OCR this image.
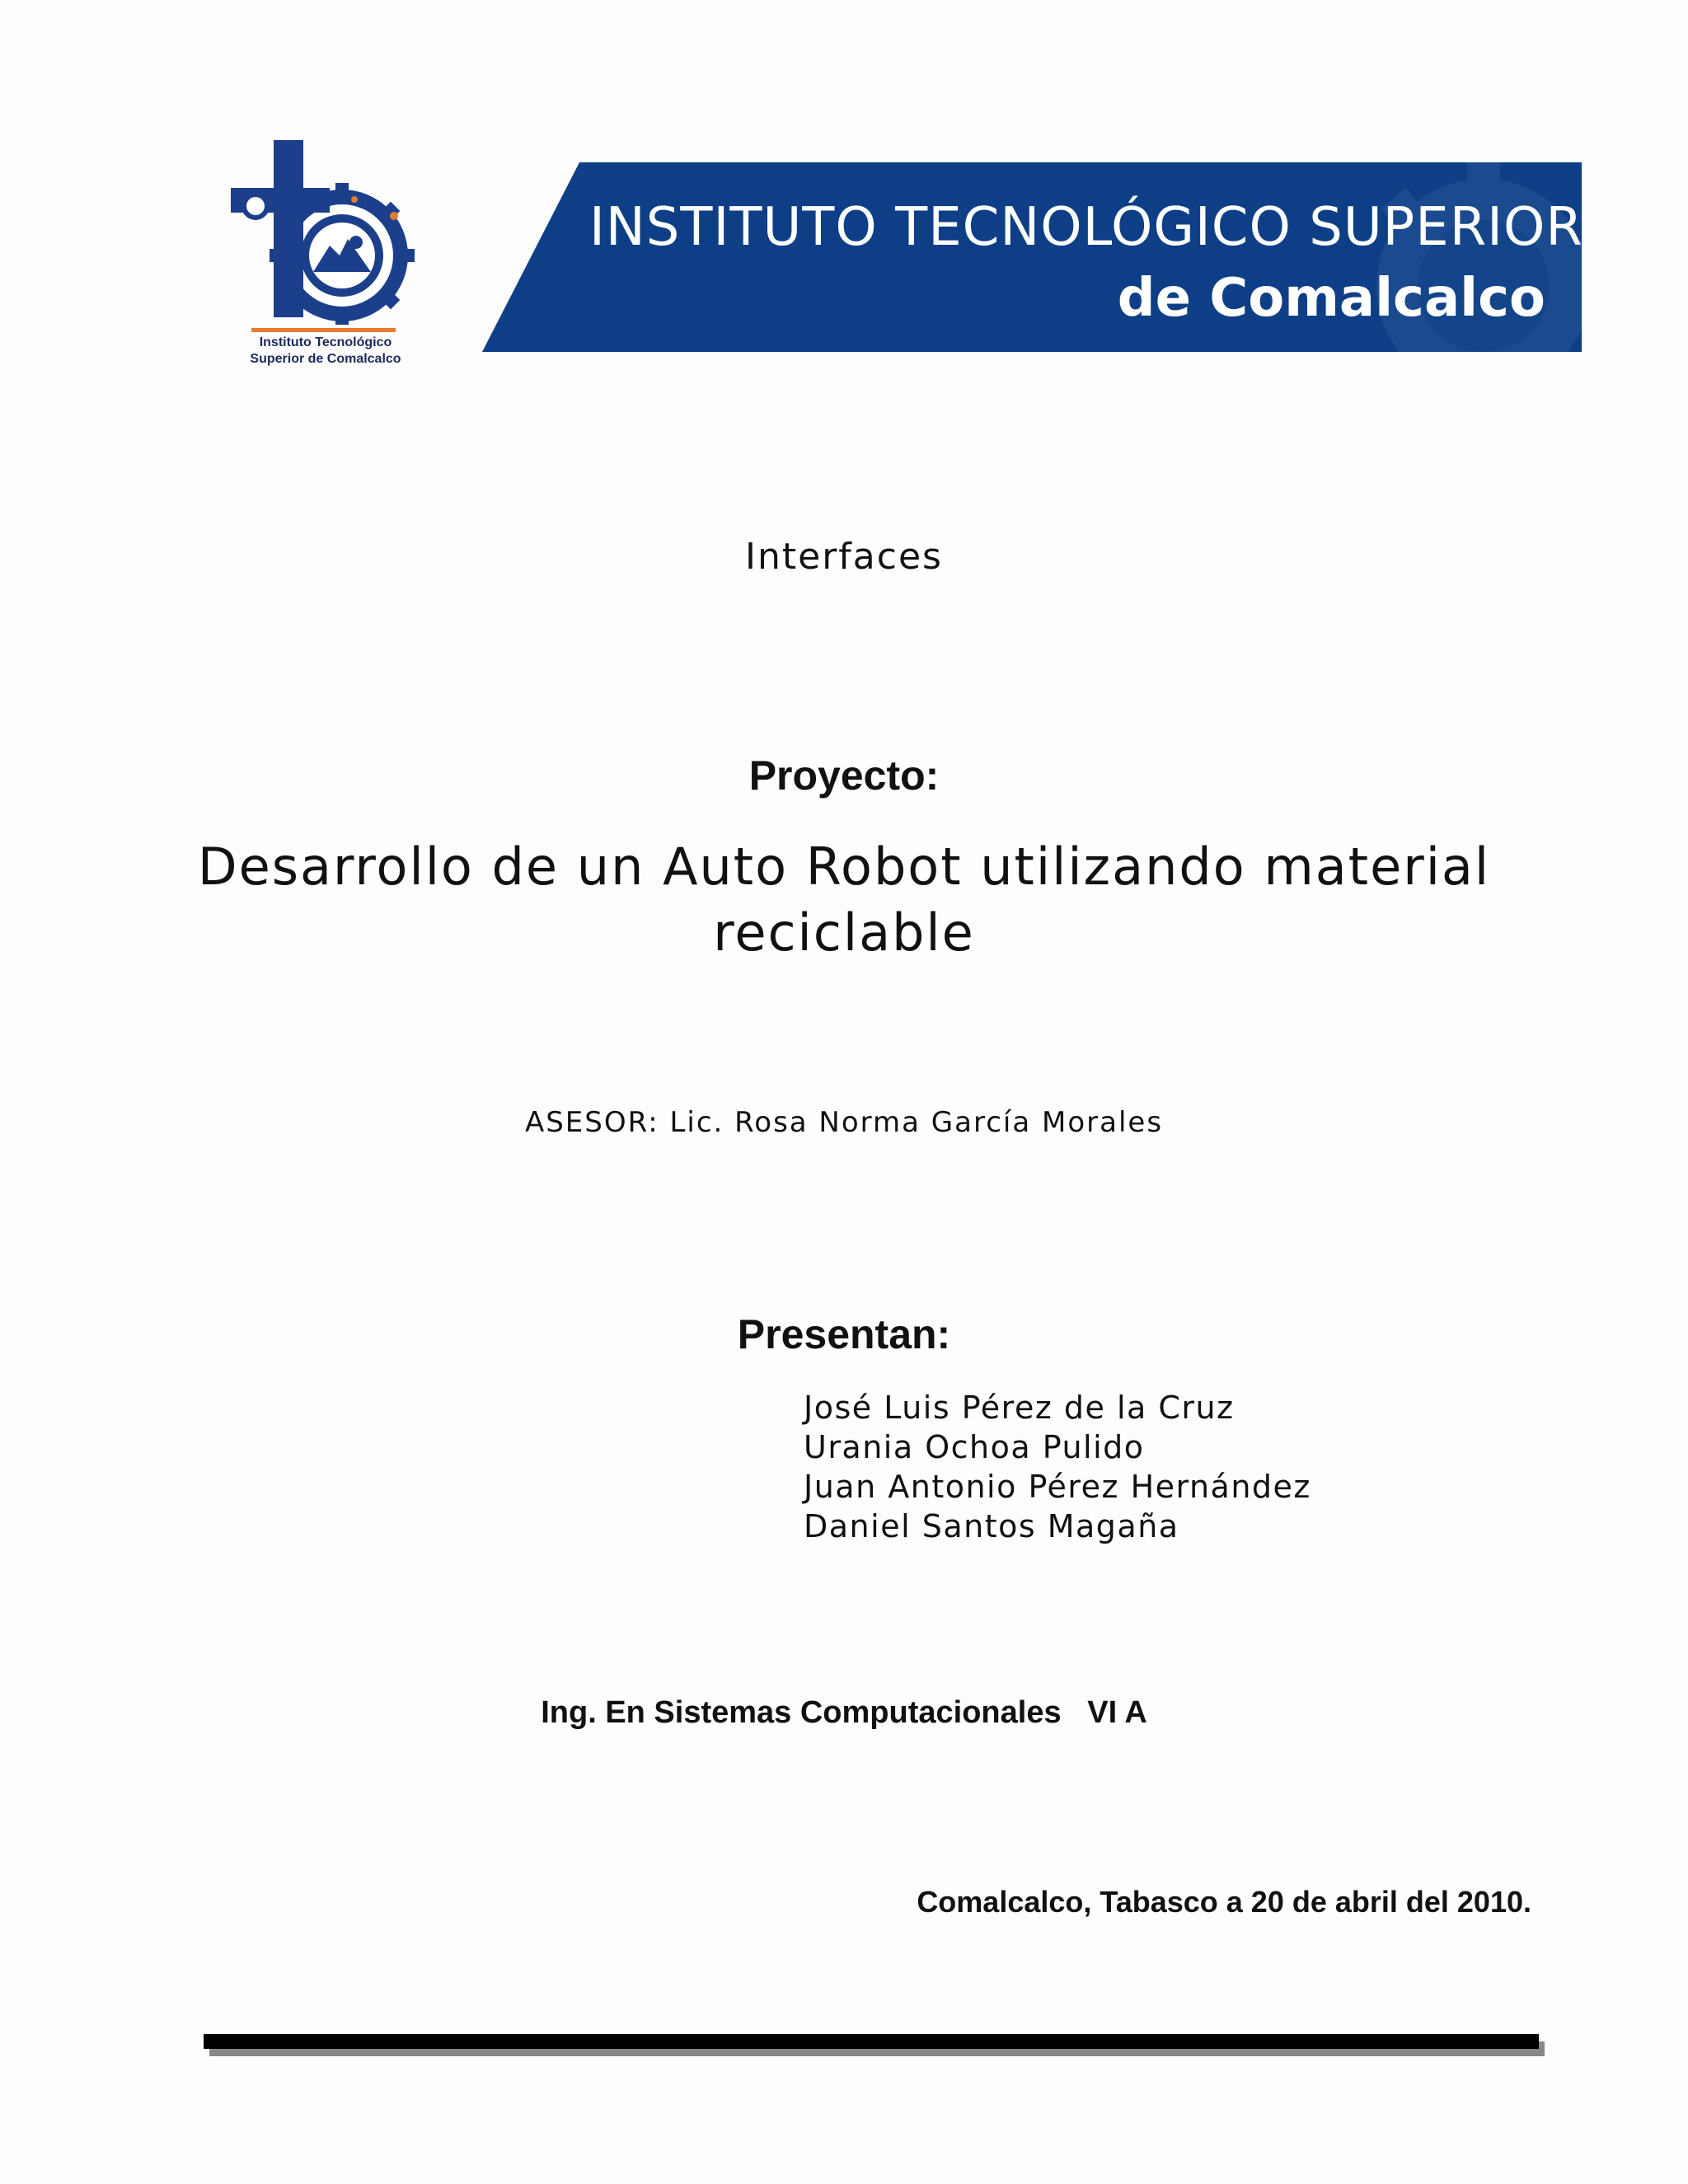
Instituto Tecnológico
Superior de Comalcalco
INSTITUTO TECNOLÓGICO SUPERIOR
de Comalcalco
Interfaces
Proyecto:
Desarrollo de un Auto Robot utilizando material
reciclable
ASESOR: Lic. Rosa Norma García Morales
Presentan:
José Luis Pérez de la Cruz
Urania Ochoa Pulido
Juan Antonio Pérez Hernández
Daniel Santos Magaña
Ing. En Sistemas Computacionales   VI A
Comalcalco, Tabasco a 20 de abril del 2010.
